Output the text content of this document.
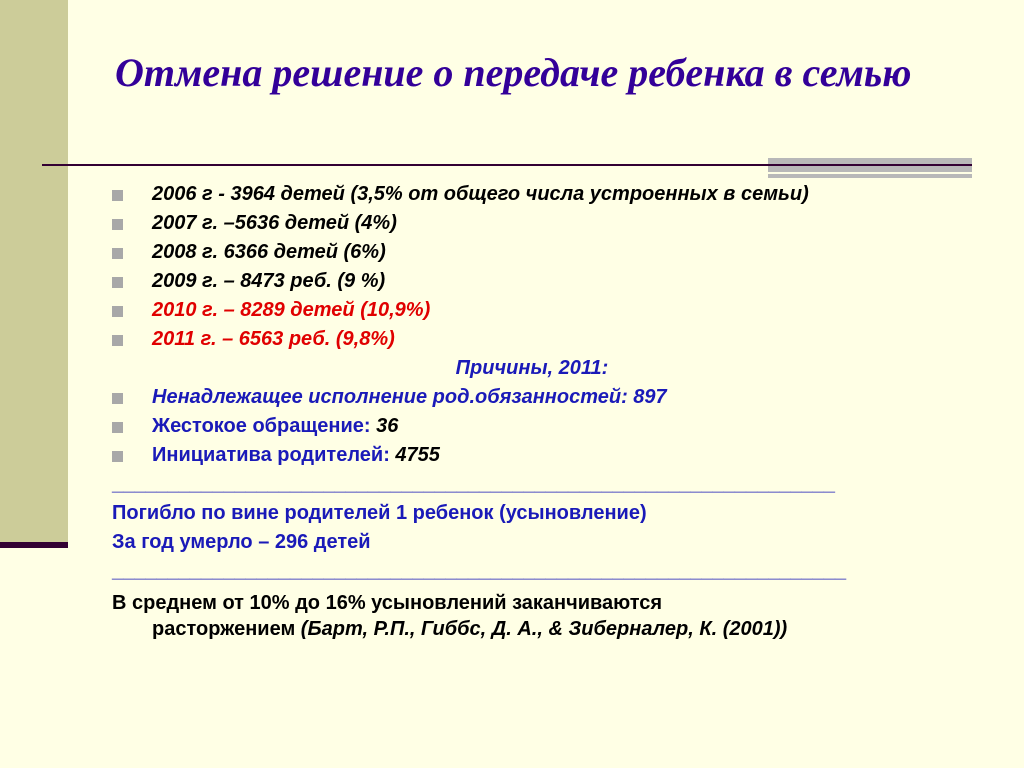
Отмена решение о передаче ребенка в семью
2006 г - 3964 детей (3,5% от общего числа устроенных в семьи)
2007 г. –5636 детей (4%)
2008 г. 6366 детей (6%)
2009 г. – 8473 реб. (9 %)
2010 г. – 8289 детей (10,9%)
2011 г. – 6563 реб. (9,8%)
Причины, 2011:
Ненадлежащее исполнение род.обязанностей: 897
Жестокое обращение: 36
Инициатива родителей: 4755
_________________________________________________________________
Погибло по вине родителей 1 ребенок (усыновление)
За год умерло – 296 детей
__________________________________________________________________
В среднем от 10% до 16% усыновлений заканчиваются
расторжением (Барт, Р.П., Гиббс, Д. А., & Зиберналер, К. (2001))
